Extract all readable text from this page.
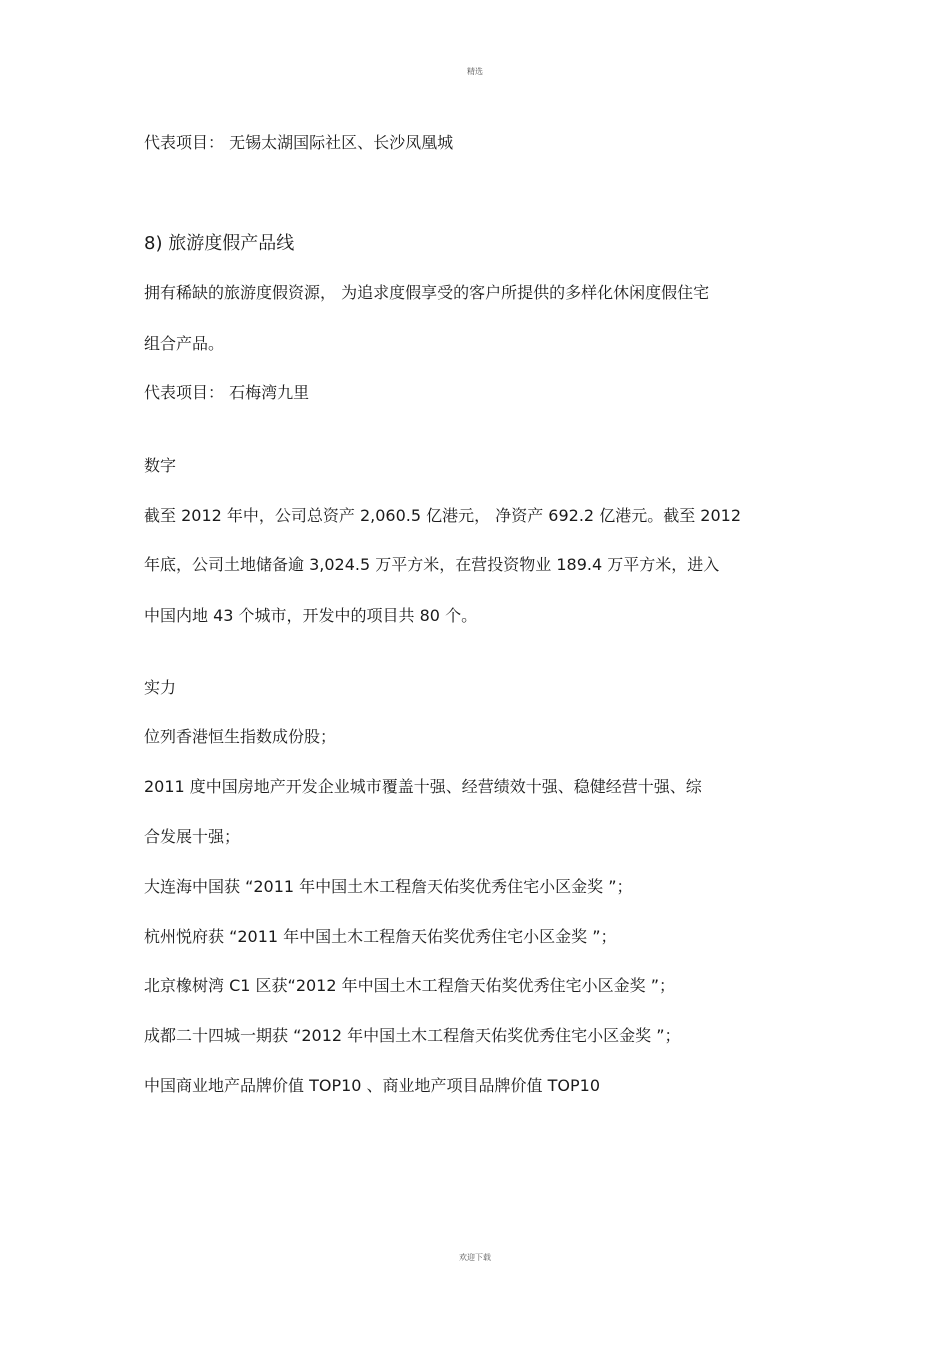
精选
代表项目： 无锡太湖国际社区、长沙凤凰城
8) 旅游度假产品线
拥有稀缺的旅游度假资源， 为追求度假享受的客户所提供的多样化休闲度假住宅
组合产品。
代表项目： 石梅湾九里
数字
截至 2012 年中，公司总资产 2,060.5 亿港元， 净资产 692.2 亿港元。截至 2012
年底，公司土地储备逾 3,024.5 万平方米，在营投资物业 189.4 万平方米，进入
中国内地 43 个城市，开发中的项目共 80 个。
实力
位列香港恒生指数成份股；
2011 度中国房地产开发企业城市覆盖十强、经营绩效十强、稳健经营十强、综
合发展十强；
大连海中国获 “2011 年中国土木工程詹天佑奖优秀住宅小区金奖 ”；
杭州悦府获 “2011 年中国土木工程詹天佑奖优秀住宅小区金奖 ”；
北京橡树湾 C1 区获“2012 年中国土木工程詹天佑奖优秀住宅小区金奖 ”；
成都二十四城一期获 “2012 年中国土木工程詹天佑奖优秀住宅小区金奖 ”；
中国商业地产品牌价值 TOP10 、商业地产项目品牌价值 TOP10
欢迎下载
